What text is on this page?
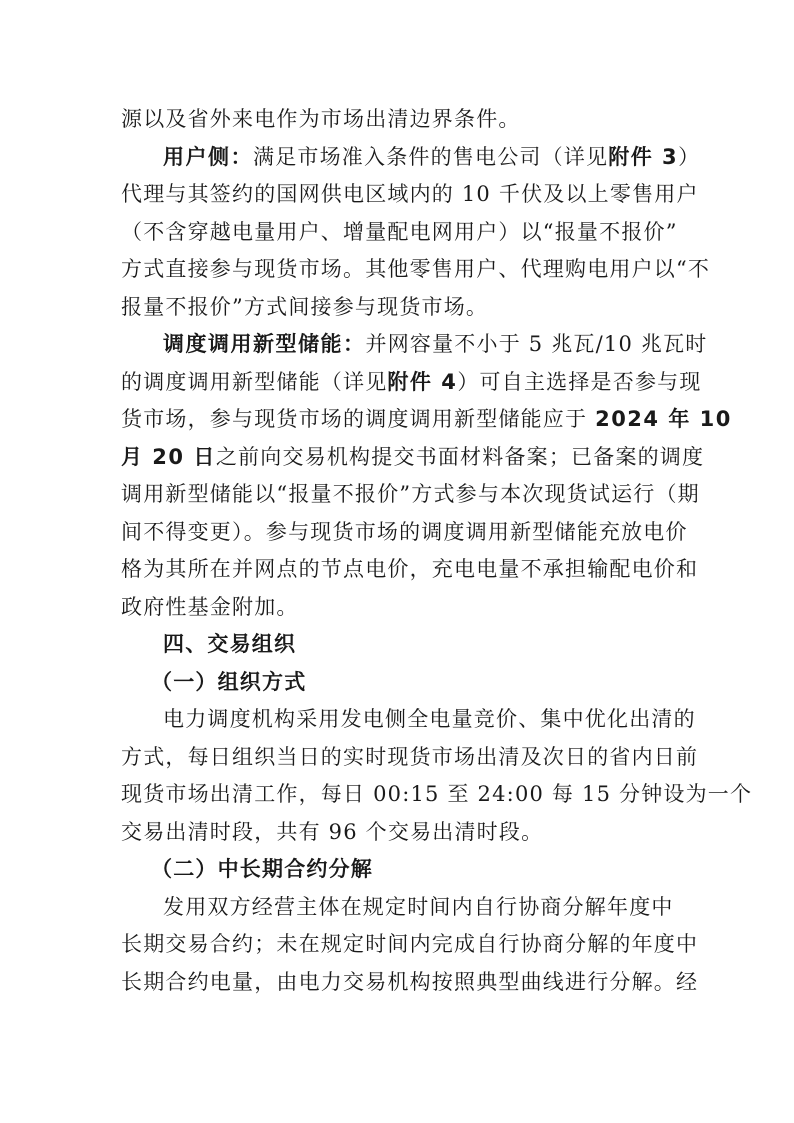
源以及省外来电作为市场出清边界条件。
用户侧：满足市场准入条件的售电公司（详见附件 3）
代理与其签约的国网供电区域内的 10 千伏及以上零售用户
（不含穿越电量用户、增量配电网用户）以“报量不报价”
方式直接参与现货市场。其他零售用户、代理购电用户以“不
报量不报价”方式间接参与现货市场。
调度调用新型储能：并网容量不小于 5 兆瓦/10 兆瓦时
的调度调用新型储能（详见附件 4）可自主选择是否参与现
货市场，参与现货市场的调度调用新型储能应于 2024 年 10
月 20 日之前向交易机构提交书面材料备案；已备案的调度
调用新型储能以“报量不报价”方式参与本次现货试运行（期
间不得变更）。参与现货市场的调度调用新型储能充放电价
格为其所在并网点的节点电价，充电电量不承担输配电价和
政府性基金附加。
四、交易组织
（一）组织方式
电力调度机构采用发电侧全电量竞价、集中优化出清的
方式，每日组织当日的实时现货市场出清及次日的省内日前
现货市场出清工作，每日 00:15 至 24:00 每 15 分钟设为一个
交易出清时段，共有 96 个交易出清时段。
（二）中长期合约分解
发用双方经营主体在规定时间内自行协商分解年度中
长期交易合约；未在规定时间内完成自行协商分解的年度中
长期合约电量，由电力交易机构按照典型曲线进行分解。经
